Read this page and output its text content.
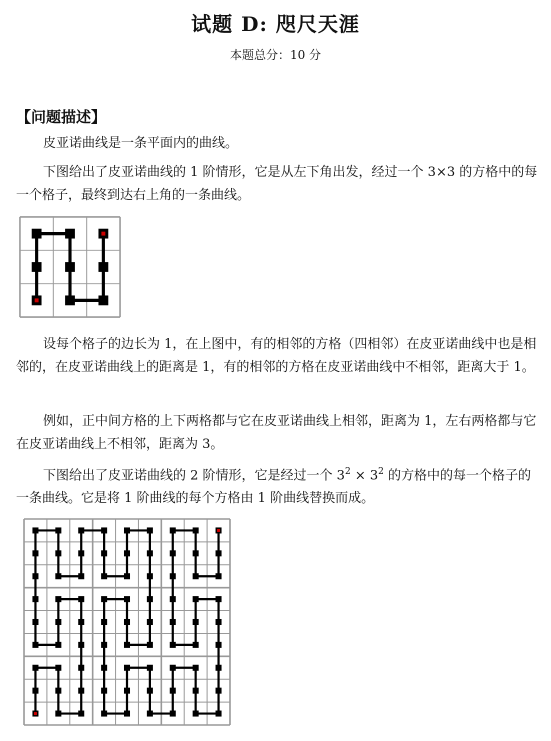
试题 D: 咫尺天涯
本题总分：10 分
【问题描述】
皮亚诺曲线是一条平面内的曲线。
下图给出了皮亚诺曲线的 1 阶情形，它是从左下角出发，经过一个 3×3 的方格中的每一个格子，最终到达右上角的一条曲线。
设每个格子的边长为 1，在上图中，有的相邻的方格（四相邻）在皮亚诺曲线中也是相邻的，在皮亚诺曲线上的距离是 1，有的相邻的方格在皮亚诺曲线中不相邻，距离大于 1。
例如，正中间方格的上下两格都与它在皮亚诺曲线上相邻，距离为 1，左右两格都与它在皮亚诺曲线上不相邻，距离为 3。
下图给出了皮亚诺曲线的 2 阶情形，它是经过一个 $3^2 \times 3^2$ 的方格中的每一个格子的一条曲线。它是将 1 阶曲线的每个方格由 1 阶曲线替换而成。
